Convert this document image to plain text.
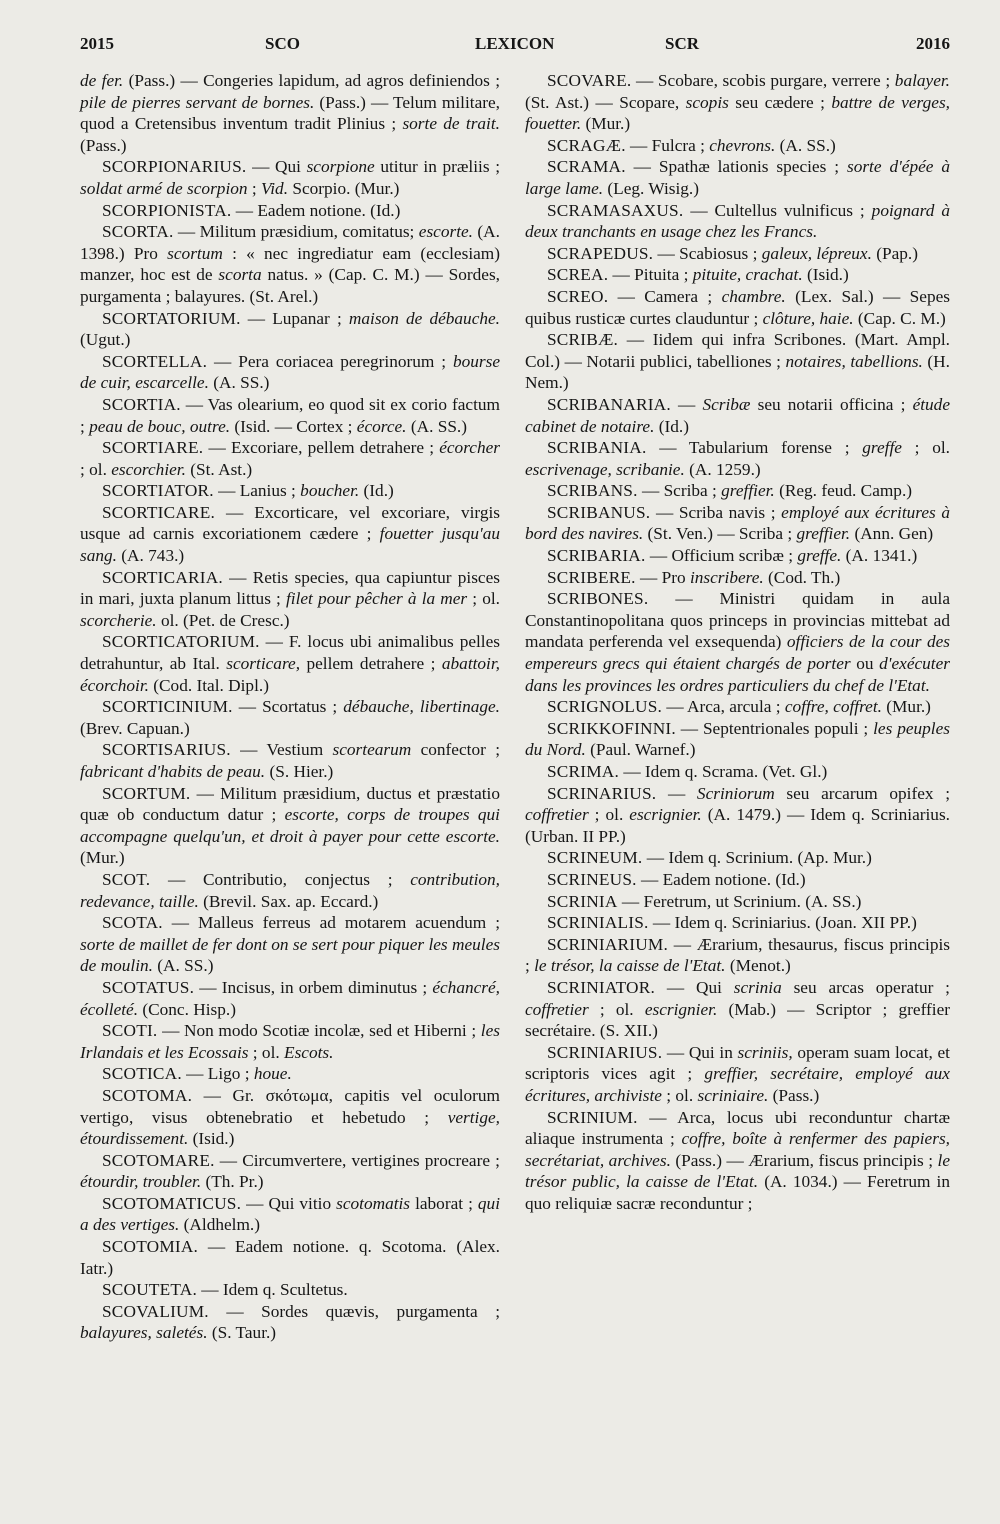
2015	SCO	LEXICON	SCR	2016

de fer. (Pass.) — Congeries lapidum, ad agros definiendos ; pile de pierres servant de bornes. (Pass.) — Telum militare, quod a Cretensibus inventum tradit Plinius ; sorte de trait. (Pass.)

SCORPIONARIUS. — Qui scorpione utitur in præliis ; soldat armé de scorpion ; Vid. Scorpio. (Mur.)

SCORPIONISTA. — Eadem notione. (Id.)

SCORTA. — Militum præsidium, comitatus; escorte. (A. 1398.) Pro scortum : « nec ingrediatur eam (ecclesiam) manzer, hoc est de scorta natus. » (Cap. C. M.) — Sordes, purgamenta ; balayures. (St. Arel.)

SCORTATORIUM. — Lupanar ; maison de débauche. (Ugut.)

SCORTELLA. — Pera coriacea peregrinorum ; bourse de cuir, escarcelle. (A. SS.)

SCORTIA. — Vas olearium, eo quod sit ex corio factum ; peau de bouc, outre. (Isid. — Cortex ; écorce. (A. SS.)

SCORTIARE. — Excoriare, pellem detrahere ; écorcher ; ol. escorchier. (St. Ast.)

SCORTIATOR. — Lanius ; boucher. (Id.)

SCORTICARE. — Excorticare, vel excoriare, virgis usque ad carnis excoriationem cædere ; fouetter jusqu'au sang. (A. 743.)

SCORTICARIA. — Retis species, qua capiuntur pisces in mari, juxta planum littus ; filet pour pêcher à la mer ; ol. scorcherie. ol. (Pet. de Cresc.)

SCORTICATORIUM. — F. locus ubi animalibus pelles detrahuntur, ab Ital. scorticare, pellem detrahere ; abattoir, écorchoir. (Cod. Ital. Dipl.)

SCORTICINIUM. — Scortatus ; débauche, libertinage. (Brev. Capuan.)

SCORTISARIUS. — Vestium scortearum confector ; fabricant d'habits de peau. (S. Hier.)

SCORTUM. — Militum præsidium, ductus et præstatio quæ ob conductum datur ; escorte, corps de troupes qui accompagne quelqu'un, et droit à payer pour cette escorte. (Mur.)

SCOT. — Contributio, conjectus ; contribution, redevance, taille. (Brevil. Sax. ap. Eccard.)

SCOTA. — Malleus ferreus ad motarem acuendum ; sorte de maillet de fer dont on se sert pour piquer les meules de moulin. (A. SS.)

SCOTATUS. — Incisus, in orbem diminutus ; échancré, écolleté. (Conc. Hisp.)

SCOTI. — Non modo Scotiæ incolæ, sed et Hiberni ; les Irlandais et les Ecossais ; ol. Escots.

SCOTICA. — Ligo ; houe.

SCOTOMA. — Gr. σκότωμα, capitis vel oculorum vertigo, visus obtenebratio et hebetudo ; vertige, étourdissement. (Isid.)

SCOTOMARE. — Circumvertere, vertigines procreare ; étourdir, troubler. (Th. Pr.)

SCOTOMATICUS. — Qui vitio scotomatis laborat ; qui a des vertiges. (Aldhelm.)

SCOTOMIA. — Eadem notione. q. Scotoma. (Alex. Iatr.)

SCOUTETA. — Idem q. Scultetus.

SCOVALIUM. — Sordes quævis, purgamenta ; balayures, saletés. (S. Taur.)

SCOVARE. — Scobare, scobis purgare, verrere ; balayer. (St. Ast.) — Scopare, scopis seu cædere ; battre de verges, fouetter. (Mur.)

SCRAGÆ. — Fulcra ; chevrons. (A. SS.)

SCRAMA. — Spathæ lationis species ; sorte d'épée à large lame. (Leg. Wisig.)

SCRAMASAXUS. — Cultellus vulnificus ; poignard à deux tranchants en usage chez les Francs.

SCRAPEDUS. — Scabiosus ; galeux, lépreux. (Pap.)

SCREA. — Pituita ; pituite, crachat. (Isid.)

SCREO. — Camera ; chambre. (Lex. Sal.) — Sepes quibus rusticæ curtes clauduntur ; clôture, haie. (Cap. C. M.)

SCRIBÆ. — Iidem qui infra Scribones. (Mart. Ampl. Col.) — Notarii publici, tabelliones ; notaires, tabellions. (H. Nem.)

SCRIBANARIA. — Scribæ seu notarii officina ; étude cabinet de notaire. (Id.)

SCRIBANIA. — Tabularium forense ; greffe ; ol. escrivenage, scribanie. (A. 1259.)

SCRIBANS. — Scriba ; greffier. (Reg. feud. Camp.)

SCRIBANUS. — Scriba navis ; employé aux écritures à bord des navires. (St. Ven.) — Scriba ; greffier. (Ann. Gen)

SCRIBARIA. — Officium scribæ ; greffe. (A. 1341.)

SCRIBERE. — Pro inscribere. (Cod. Th.)

SCRIBONES. — Ministri quidam in aula Constantinopolitana quos princeps in provincias mittebat ad mandata perferenda vel exsequenda) officiers de la cour des empereurs grecs qui étaient chargés de porter ou d'exécuter dans les provinces les ordres particuliers du chef de l'Etat.

SCRIGNOLUS. — Arca, arcula ; coffre, coffret. (Mur.)

SCRIKKOFINNI. — Septentrionales populi ; les peuples du Nord. (Paul. Warnef.)

SCRIMA. — Idem q. Scrama. (Vet. Gl.)

SCRINARIUS. — Scriniorum seu arcarum opifex ; coffretier ; ol. escrignier. (A. 1479.) — Idem q. Scriniarius. (Urban. II PP.)

SCRINEUM. — Idem q. Scrinium. (Ap. Mur.)

SCRINEUS. — Eadem notione. (Id.)

SCRINIA — Feretrum, ut Scrinium. (A. SS.)

SCRINIALIS. — Idem q. Scriniarius. (Joan. XII PP.)

SCRINIARIUM. — Ærarium, thesaurus, fiscus principis ; le trésor, la caisse de l'Etat. (Menot.)

SCRINIATOR. — Qui scrinia seu arcas operatur ; coffretier ; ol. escrignier. (Mab.) — Scriptor ; greffier secrétaire. (S. XII.)

SCRINIARIUS. — Qui in scriniis, operam suam locat, et scriptoris vices agit ; greffier, secrétaire, employé aux écritures, archiviste ; ol. scriniaire. (Pass.)

SCRINIUM. — Arca, locus ubi reconduntur chartæ aliaque instrumenta ; coffre, boîte à renfermer des papiers, secrétariat, archives. (Pass.) — Ærarium, fiscus principis ; le trésor public, la caisse de l'Etat. (A. 1034.) — Feretrum in quo reliquiæ sacræ reconduntur ;
